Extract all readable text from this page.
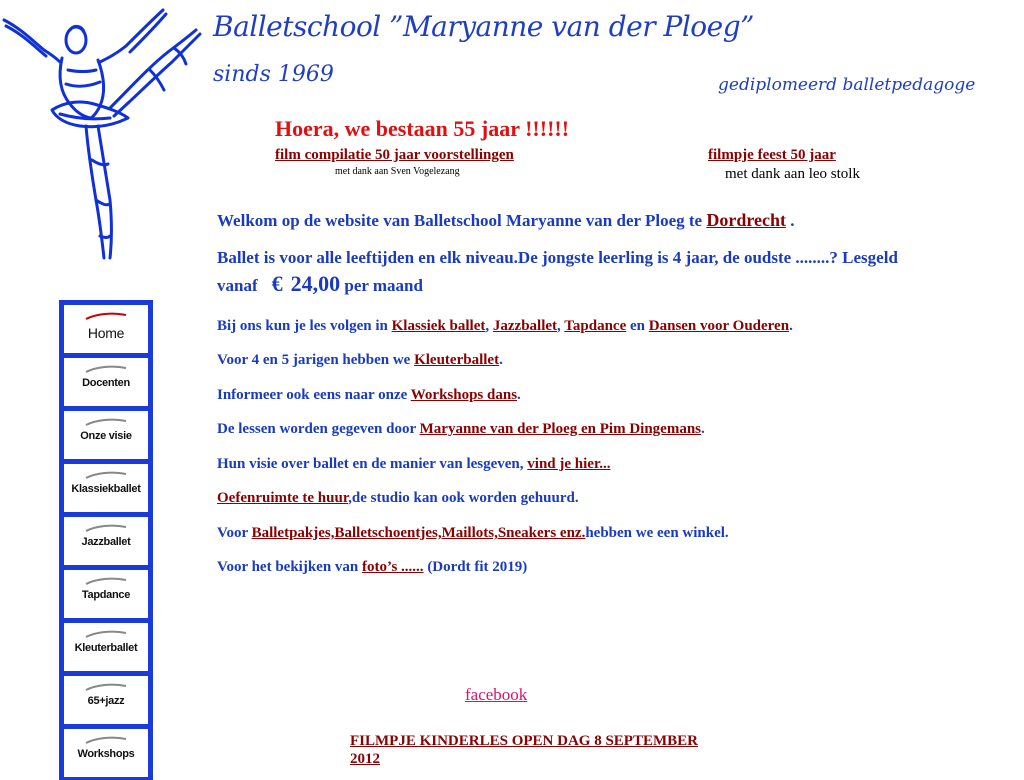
Balletschool ”Maryanne van der Ploeg”
sinds 1969	gediplomeerd balletpedagoge
Hoera, we bestaan 55 jaar !!!!!!
film compilatie 50 jaar voorstellingen
met dank aan Sven Vogelezang
filmpje feest 50 jaar
met dank aan leo stolk

Welkom op de website van Balletschool Maryanne van der Ploeg te Dordrecht .

Ballet is voor alle leeftijden en elk niveau.De jongste leerling is 4 jaar, de oudste ........? Lesgeld vanaf € 24,00 per maand

Bij ons kun je les volgen in Klassiek ballet, Jazzballet, Tapdance en Dansen voor Ouderen.

Voor 4 en 5 jarigen hebben we Kleuterballet.

Informeer ook eens naar onze Workshops dans.

De lessen worden gegeven door Maryanne van der Ploeg en Pim Dingemans.

Hun visie over ballet en de manier van lesgeven, vind je hier...

Oefenruimte te huur,de studio kan ook worden gehuurd.

Voor Balletpakjes,Balletschoentjes,Maillots,Sneakers enz.hebben we een winkel.

Voor het bekijken van foto’s ...... (Dordt fit 2019)

Home
Docenten
Onze visie
Klassiekballet
Jazzballet
Tapdance
Kleuterballet
65+jazz
Workshops
facebook
FILMPJE KINDERLES OPEN DAG 8 SEPTEMBER 2012
